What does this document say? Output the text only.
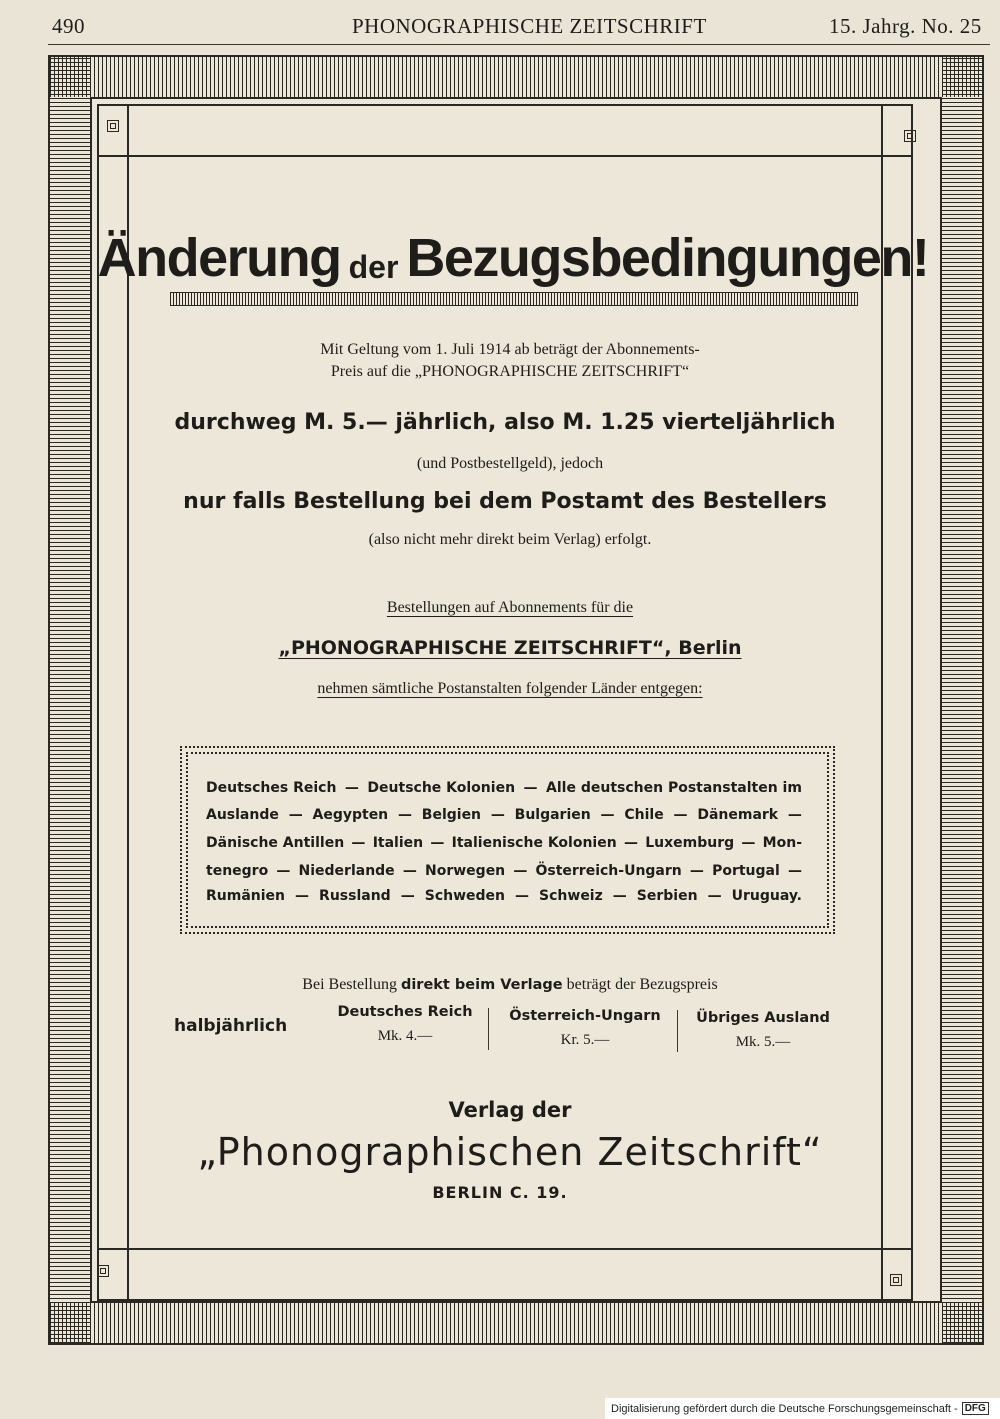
490	PHONOGRAPHISCHE ZEITSCHRIFT	15. Jahrg. No. 25
Änderung der Bezugsbedingungen!
Mit Geltung vom 1. Juli 1914 ab beträgt der Abonnements-
Preis auf die „PHONOGRAPHISCHE ZEITSCHRIFT“
durchweg M. 5.— jährlich, also M. 1.25 vierteljährlich
(und Postbestellgeld), jedoch
nur falls Bestellung bei dem Postamt des Bestellers
(also nicht mehr direkt beim Verlag) erfolgt.
Bestellungen auf Abonnements für die
„PHONOGRAPHISCHE ZEITSCHRIFT“, Berlin
nehmen sämtliche Postanstalten folgender Länder entgegen:
Deutsches Reich — Deutsche Kolonien — Alle deutschen Postanstalten im
Auslande — Aegypten — Belgien — Bulgarien — Chile — Dänemark —
Dänische Antillen — Italien — Italienische Kolonien — Luxemburg — Mon-
tenegro — Niederlande — Norwegen — Österreich-Ungarn — Portugal —
Rumänien — Russland — Schweden — Schweiz — Serbien — Uruguay.
Bei Bestellung direkt beim Verlage beträgt der Bezugspreis
halbjährlich
Deutsches Reich
Mk. 4.—
Österreich-Ungarn
Kr. 5.—
Übriges Ausland
Mk. 5.—
Verlag der
„Phonographischen Zeitschrift“
BERLIN C. 19.
Digitalisierung gefördert durch die Deutsche Forschungsgemeinschaft - DFG
